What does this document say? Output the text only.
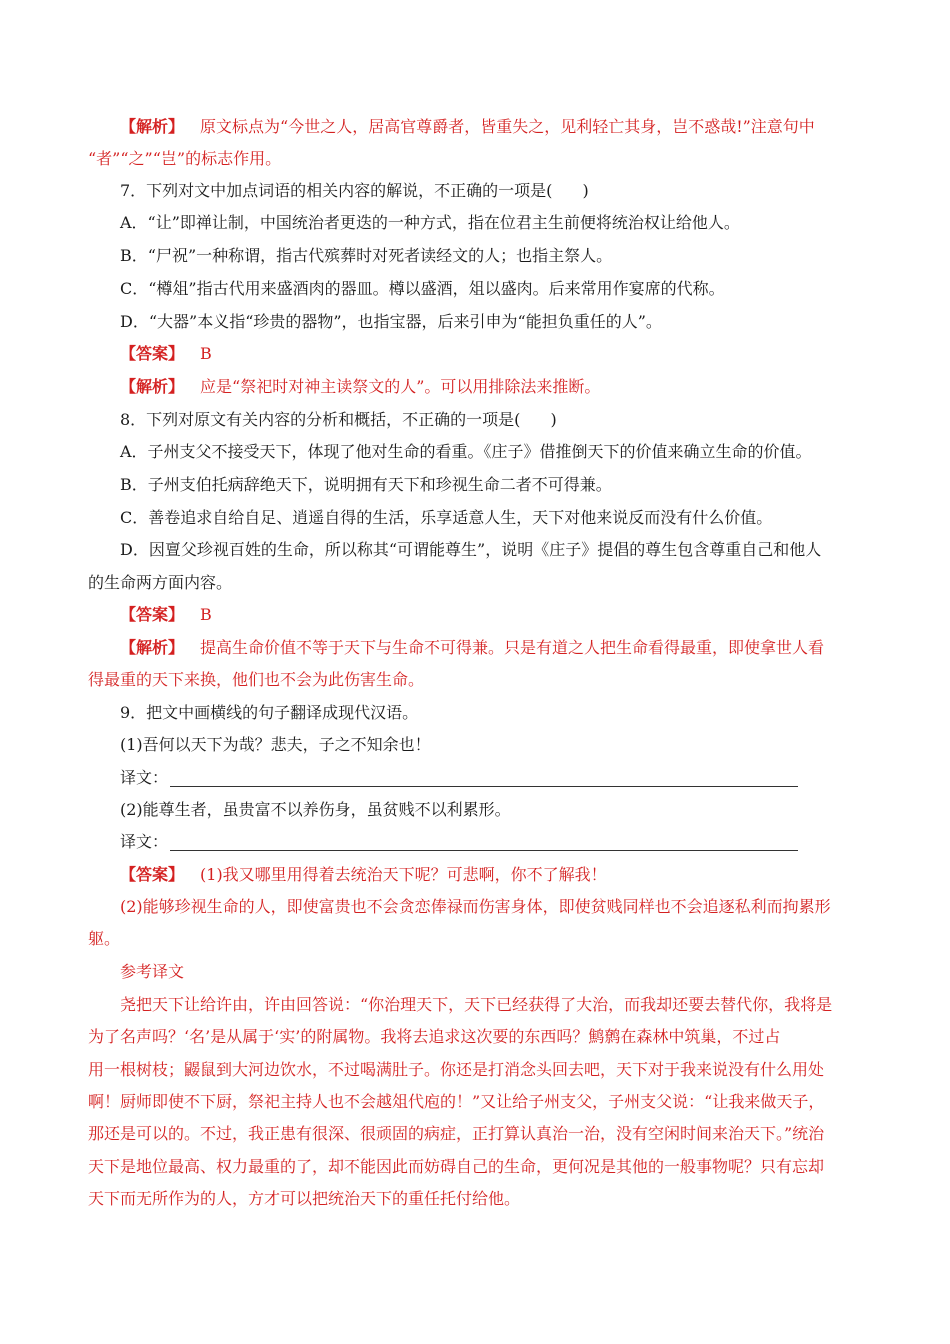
【解析】 原文标点为“今世之人，居高官尊爵者，皆重失之，见利轻亡其身，岂不惑哉!”注意句中
“者”“之”“岂”的标志作用。
7．下列对文中加点词语的相关内容的解说，不正确的一项是( )
A．“让”即禅让制，中国统治者更迭的一种方式，指在位君主生前便将统治权让给他人。
B．“尸祝”一种称谓，指古代殡葬时对死者读经文的人；也指主祭人。
C．“樽俎”指古代用来盛酒肉的器皿。樽以盛酒，俎以盛肉。后来常用作宴席的代称。
D．“大器”本义指“珍贵的器物”，也指宝器，后来引申为“能担负重任的人”。
【答案】 B
【解析】 应是“祭祀时对神主读祭文的人”。可以用排除法来推断。
8．下列对原文有关内容的分析和概括，不正确的一项是( )
A．子州支父不接受天下，体现了他对生命的看重。《庄子》借推倒天下的价值来确立生命的价值。
B．子州支伯托病辞绝天下，说明拥有天下和珍视生命二者不可得兼。
C．善卷追求自给自足、逍遥自得的生活，乐享适意人生，天下对他来说反而没有什么价值。
D．因亶父珍视百姓的生命，所以称其“可谓能尊生”，说明《庄子》提倡的尊生包含尊重自己和他人
的生命两方面内容。
【答案】 B
【解析】 提高生命价值不等于天下与生命不可得兼。只是有道之人把生命看得最重，即使拿世人看
得最重的天下来换，他们也不会为此伤害生命。
9．把文中画横线的句子翻译成现代汉语。
(1)吾何以天下为哉？悲夫，子之不知余也！
译文：
(2)能尊生者，虽贵富不以养伤身，虽贫贱不以利累形。
译文：
【答案】 (1)我又哪里用得着去统治天下呢？可悲啊，你不了解我！
(2)能够珍视生命的人，即使富贵也不会贪恋俸禄而伤害身体，即使贫贱同样也不会追逐私利而拘累形
躯。
参考译文
尧把天下让给许由，许由回答说：“你治理天下，天下已经获得了大治，而我却还要去替代你，我将是
为了名声吗？‘名’是从属于‘实’的附属物。我将去追求这次要的东西吗？鹪鹩在森林中筑巢，不过占
用一根树枝；鼹鼠到大河边饮水，不过喝满肚子。你还是打消念头回去吧，天下对于我来说没有什么用处
啊！厨师即使不下厨，祭祀主持人也不会越俎代庖的！”又让给子州支父，子州支父说：“让我来做天子，
那还是可以的。不过，我正患有很深、很顽固的病症，正打算认真治一治，没有空闲时间来治天下。”统治
天下是地位最高、权力最重的了，却不能因此而妨碍自己的生命，更何况是其他的一般事物呢？只有忘却
天下而无所作为的人，方才可以把统治天下的重任托付给他。
